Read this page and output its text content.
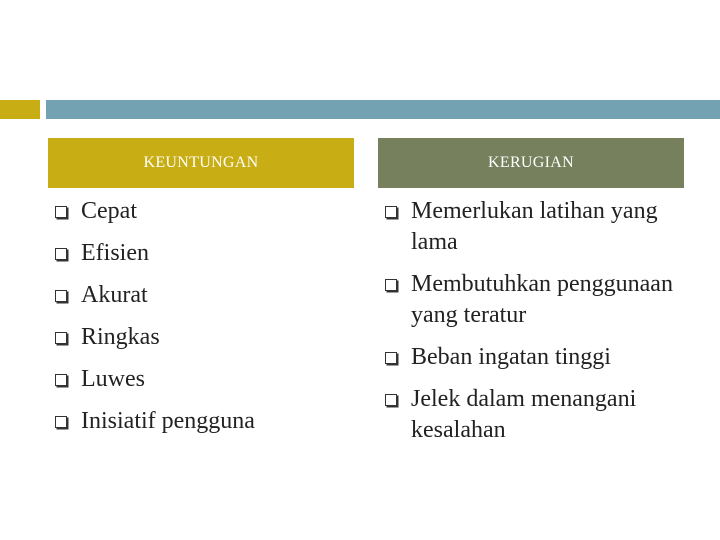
KEUNTUNGAN	KERUGIAN
Cepat
Efisien
Akurat
Ringkas
Luwes
Inisiatif pengguna
Memerlukan latihan yang lama
Membutuhkan penggunaan yang teratur
Beban ingatan tinggi
Jelek dalam menangani kesalahan
